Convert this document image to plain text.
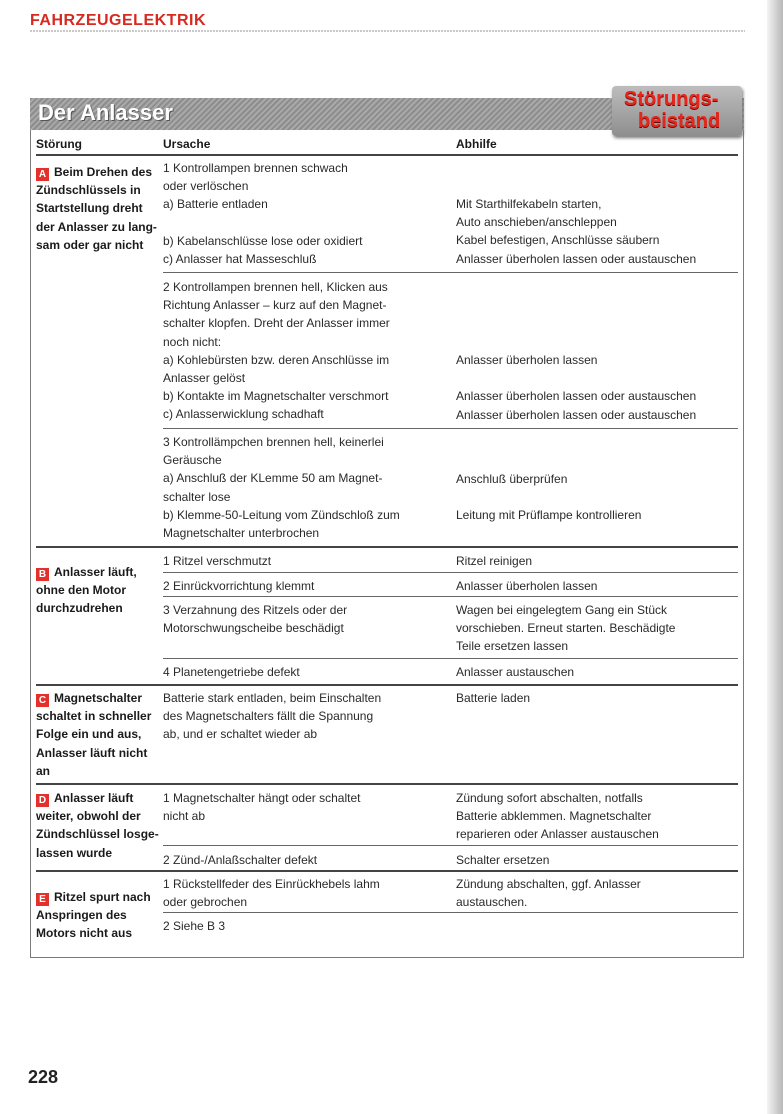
FAHRZEUGELEKTRIK
Der Anlasser
Störungs-
beistand
Störung	Ursache	Abhilfe
A Beim Drehen des
Zündschlüssels in
Startstellung dreht
der Anlasser zu lang-
sam oder gar nicht
B Anlasser läuft,
ohne den Motor
durchzudrehen
C Magnetschalter
schaltet in schneller
Folge ein und aus,
Anlasser läuft nicht
an
D Anlasser läuft
weiter, obwohl der
Zündschlüssel losge-
lassen wurde
E Ritzel spurt nach
Anspringen des
Motors nicht aus
1 Kontrollampen brennen schwach
oder verlöschen
a) Batterie entladen

b) Kabelanschlüsse lose oder oxidiert
c) Anlasser hat Masseschluß
2 Kontrollampen brennen hell, Klicken aus
Richtung Anlasser – kurz auf den Magnet-
schalter klopfen. Dreht der Anlasser immer
noch nicht:
a) Kohlebürsten bzw. deren Anschlüsse im
Anlasser gelöst
b) Kontakte im Magnetschalter verschmort
c) Anlasserwicklung schadhaft
3 Kontrollämpchen brennen hell, keinerlei
Geräusche
a) Anschluß der KLemme 50 am Magnet-
schalter lose
b) Klemme-50-Leitung vom Zündschloß zum
Magnetschalter unterbrochen
1 Ritzel verschmutzt
2 Einrückvorrichtung klemmt
3 Verzahnung des Ritzels oder der
Motorschwungscheibe beschädigt
4 Planetengetriebe defekt
Batterie stark entladen, beim Einschalten
des Magnetschalters fällt die Spannung
ab, und er schaltet wieder ab
1 Magnetschalter hängt oder schaltet
nicht ab
2 Zünd-/Anlaßschalter defekt
1 Rückstellfeder des Einrückhebels lahm
oder gebrochen
2 Siehe B 3
Mit Starthilfekabeln starten,
Auto anschieben/anschleppen
Kabel befestigen, Anschlüsse säubern
Anlasser überholen lassen oder austauschen
Anlasser überholen lassen

Anlasser überholen lassen oder austauschen
Anlasser überholen lassen oder austauschen
Anschluß überprüfen

Leitung mit Prüflampe kontrollieren
Ritzel reinigen
Anlasser überholen lassen
Wagen bei eingelegtem Gang ein Stück
vorschieben. Erneut starten. Beschädigte
Teile ersetzen lassen
Anlasser austauschen
Batterie laden
Zündung sofort abschalten, notfalls
Batterie abklemmen. Magnetschalter
reparieren oder Anlasser austauschen
Schalter ersetzen
Zündung abschalten, ggf. Anlasser
austauschen.
228
